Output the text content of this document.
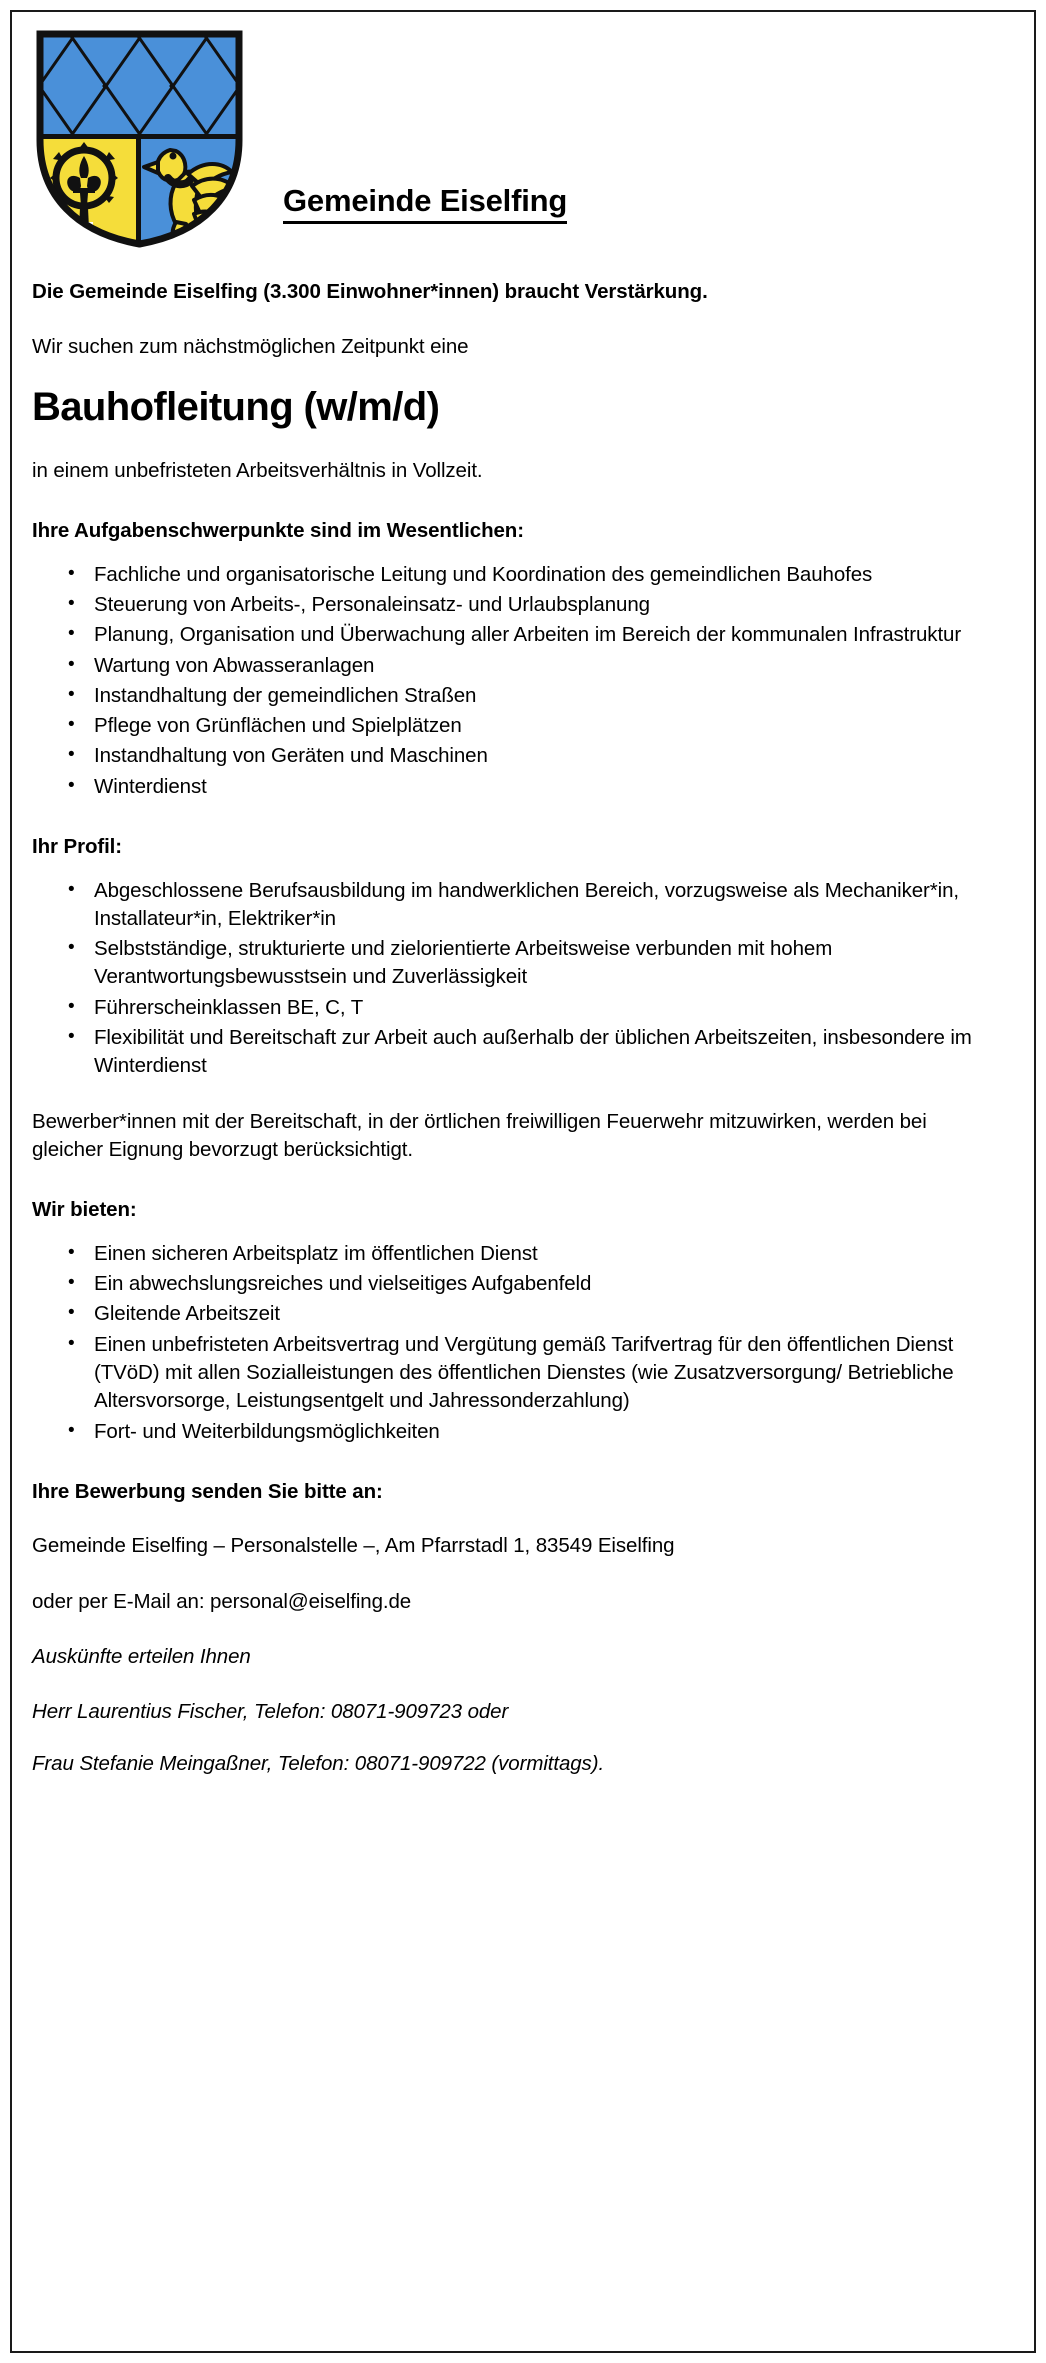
Gemeinde Eiselfing
Die Gemeinde Eiselfing (3.300 Einwohner*innen) braucht Verstärkung.
Wir suchen zum nächstmöglichen Zeitpunkt eine
Bauhofleitung (w/m/d)
in einem unbefristeten Arbeitsverhältnis in Vollzeit.
Ihre Aufgabenschwerpunkte sind im Wesentlichen:
• Fachliche und organisatorische Leitung und Koordination des gemeindlichen Bauhofes
• Steuerung von Arbeits-, Personaleinsatz- und Urlaubsplanung
• Planung, Organisation und Überwachung aller Arbeiten im Bereich der kommunalen Infrastruktur
• Wartung von Abwasseranlagen
• Instandhaltung der gemeindlichen Straßen
• Pflege von Grünflächen und Spielplätzen
• Instandhaltung von Geräten und Maschinen
• Winterdienst
Ihr Profil:
• Abgeschlossene Berufsausbildung im handwerklichen Bereich, vorzugsweise als Mechaniker*in, Installateur*in, Elektriker*in
• Selbstständige, strukturierte und zielorientierte Arbeitsweise verbunden mit hohem Verantwortungsbewusstsein und Zuverlässigkeit
• Führerscheinklassen BE, C, T
• Flexibilität und Bereitschaft zur Arbeit auch außerhalb der üblichen Arbeitszeiten, insbesondere im Winterdienst
Bewerber*innen mit der Bereitschaft, in der örtlichen freiwilligen Feuerwehr mitzuwirken, werden bei gleicher Eignung bevorzugt berücksichtigt.
Wir bieten:
• Einen sicheren Arbeitsplatz im öffentlichen Dienst
• Ein abwechslungsreiches und vielseitiges Aufgabenfeld
• Gleitende Arbeitszeit
• Einen unbefristeten Arbeitsvertrag und Vergütung gemäß Tarifvertrag für den öffentlichen Dienst (TVöD) mit allen Sozialleistungen des öffentlichen Dienstes (wie Zusatzversorgung/ Betriebliche Altersvorsorge, Leistungsentgelt und Jahressonderzahlung)
• Fort- und Weiterbildungsmöglichkeiten
Ihre Bewerbung senden Sie bitte an:
Gemeinde Eiselfing – Personalstelle –, Am Pfarrstadl 1, 83549 Eiselfing
oder per E-Mail an: personal@eiselfing.de
Auskünfte erteilen Ihnen
Herr Laurentius Fischer, Telefon: 08071-909723 oder
Frau Stefanie Meingaßner, Telefon: 08071-909722 (vormittags).
